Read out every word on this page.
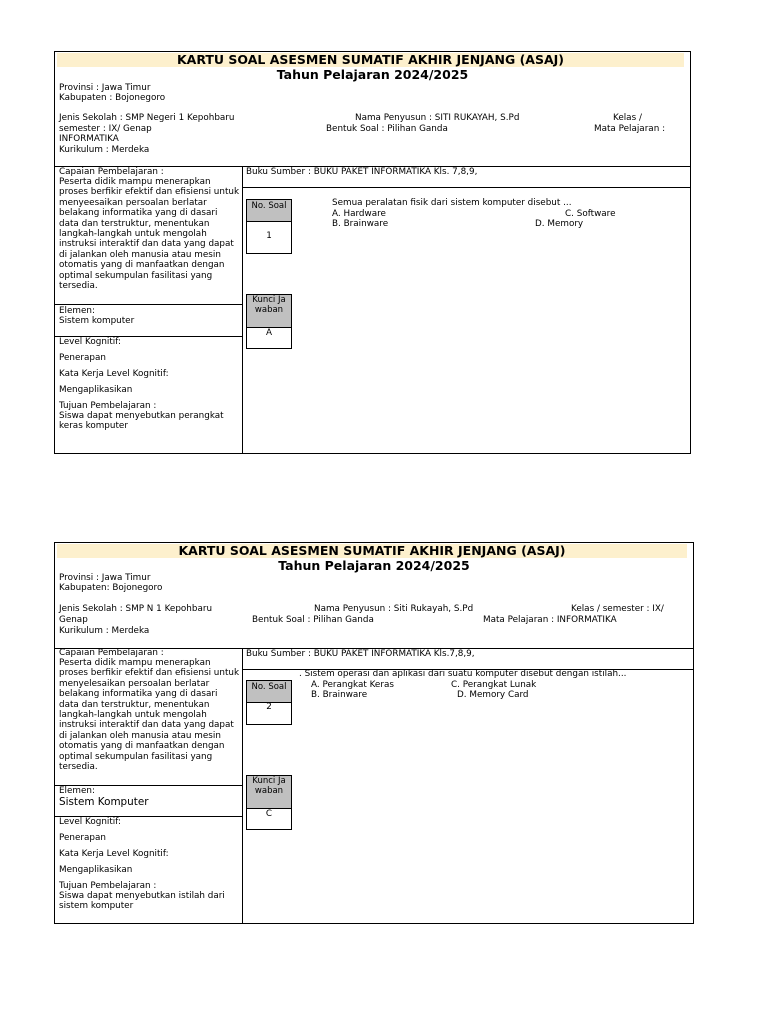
KARTU SOAL ASESMEN SUMATIF AKHIR JENJANG (ASAJ)
Tahun Pelajaran 2024/2025
Provinsi : Jawa Timur
Kabupaten : Bojonegoro
Jenis Sekolah : SMP Negeri 1 Kepohbaru	Nama Penyusun : SITI RUKAYAH, S.Pd	Kelas /
semester : IX/ Genap	Bentuk Soal : Pilihan Ganda	Mata Pelajaran :
INFORMATIKA
Kurikulum : Merdeka
Capaian Pembelajaran :
Peserta didik mampu menerapkan proses berfikir efektif dan efisiensi untuk menyeesaikan persoalan berlatar belakang informatika yang di dasari data dan terstruktur, menentukan langkah-langkah untuk mengolah instruksi interaktif dan data yang dapat di jalankan oleh manusia atau mesin otomatis yang di manfaatkan dengan optimal sekumpulan fasilitasi yang tersedia.
Elemen:
Sistem komputer
Level Kognitif:
Penerapan
Kata Kerja Level Kognitif:
Mengaplikasikan
Tujuan Pembelajaran :
Siswa dapat menyebutkan perangkat keras komputer
Buku Sumber : BUKU PAKET INFORMATIKA Kls. 7,8,9,
No. Soal
1
Semua peralatan fisik dari sistem komputer disebut ...
A. Hardware
B. Brainware
C. Software
D. Memory
Kunci Jawaban
A
KARTU SOAL ASESMEN SUMATIF AKHIR JENJANG (ASAJ)
Tahun Pelajaran 2024/2025
Provinsi : Jawa Timur
Kabupaten: Bojonegoro
Jenis Sekolah : SMP N 1 Kepohbaru	Nama Penyusun : Siti Rukayah, S.Pd	Kelas / semester : IX/
Genap	Bentuk Soal : Pilihan Ganda	Mata Pelajaran : INFORMATIKA
Kurikulum : Merdeka
Capaian Pembelajaran :
Peserta didik mampu menerapkan proses berfikir efektif dan efisiensi untuk menyelesaikan persoalan berlatar belakang informatika yang di dasari data dan terstruktur, menentukan langkah-langkah untuk mengolah instruksi interaktif dan data yang dapat di jalankan oleh manusia atau mesin otomatis yang di manfaatkan dengan optimal sekumpulan fasilitasi yang tersedia.
Elemen:
Sistem Komputer
Level Kognitif:
Penerapan
Kata Kerja Level Kognitif:
Mengaplikasikan
Tujuan Pembelajaran :
Siswa dapat menyebutkan istilah dari sistem komputer
Buku Sumber : BUKU PAKET INFORMATIKA Kls.7,8,9,
No. Soal
2
. Sistem operasi dan aplikasi dari suatu komputer disebut dengan istilah...
A. Perangkat Keras
B. Brainware
C. Perangkat Lunak
D. Memory Card
Kunci Jawaban
C
